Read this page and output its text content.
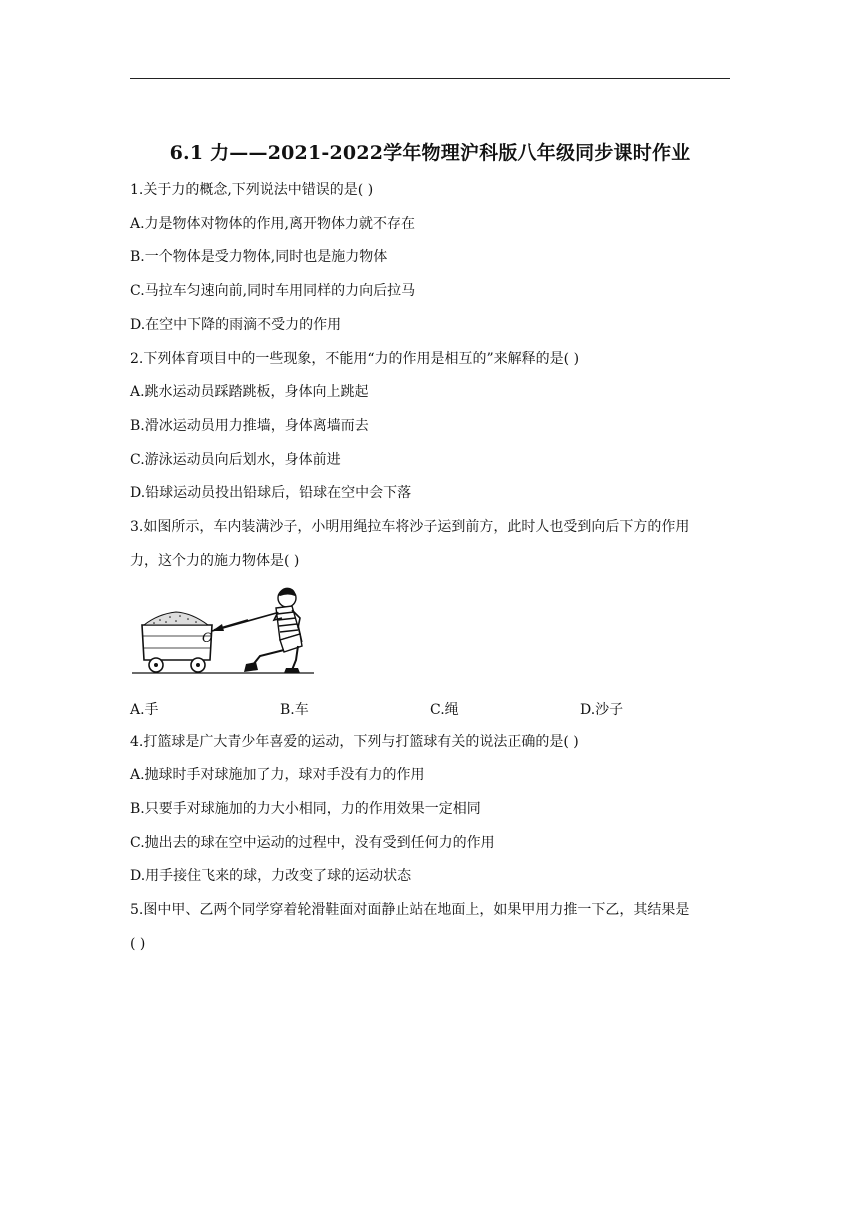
6.1 力——2021-2022学年物理沪科版八年级同步课时作业
1.关于力的概念,下列说法中错误的是( )
A.力是物体对物体的作用,离开物体力就不存在
B.一个物体是受力物体,同时也是施力物体
C.马拉车匀速向前,同时车用同样的力向后拉马
D.在空中下降的雨滴不受力的作用
2.下列体育项目中的一些现象，不能用“力的作用是相互的”来解释的是( )
A.跳水运动员踩踏跳板，身体向上跳起
B.滑冰运动员用力推墙，身体离墙而去
C.游泳运动员向后划水，身体前进
D.铅球运动员投出铅球后，铅球在空中会下落
3.如图所示，车内装满沙子，小明用绳拉车将沙子运到前方，此时人也受到向后下方的作用
力，这个力的施力物体是( )
O
A.手	B.车	C.绳	D.沙子
4.打篮球是广大青少年喜爱的运动，下列与打篮球有关的说法正确的是( )
A.抛球时手对球施加了力，球对手没有力的作用
B.只要手对球施加的力大小相同，力的作用效果一定相同
C.抛出去的球在空中运动的过程中，没有受到任何力的作用
D.用手接住飞来的球，力改变了球的运动状态
5.图中甲、乙两个同学穿着轮滑鞋面对面静止站在地面上，如果甲用力推一下乙，其结果是
( )
